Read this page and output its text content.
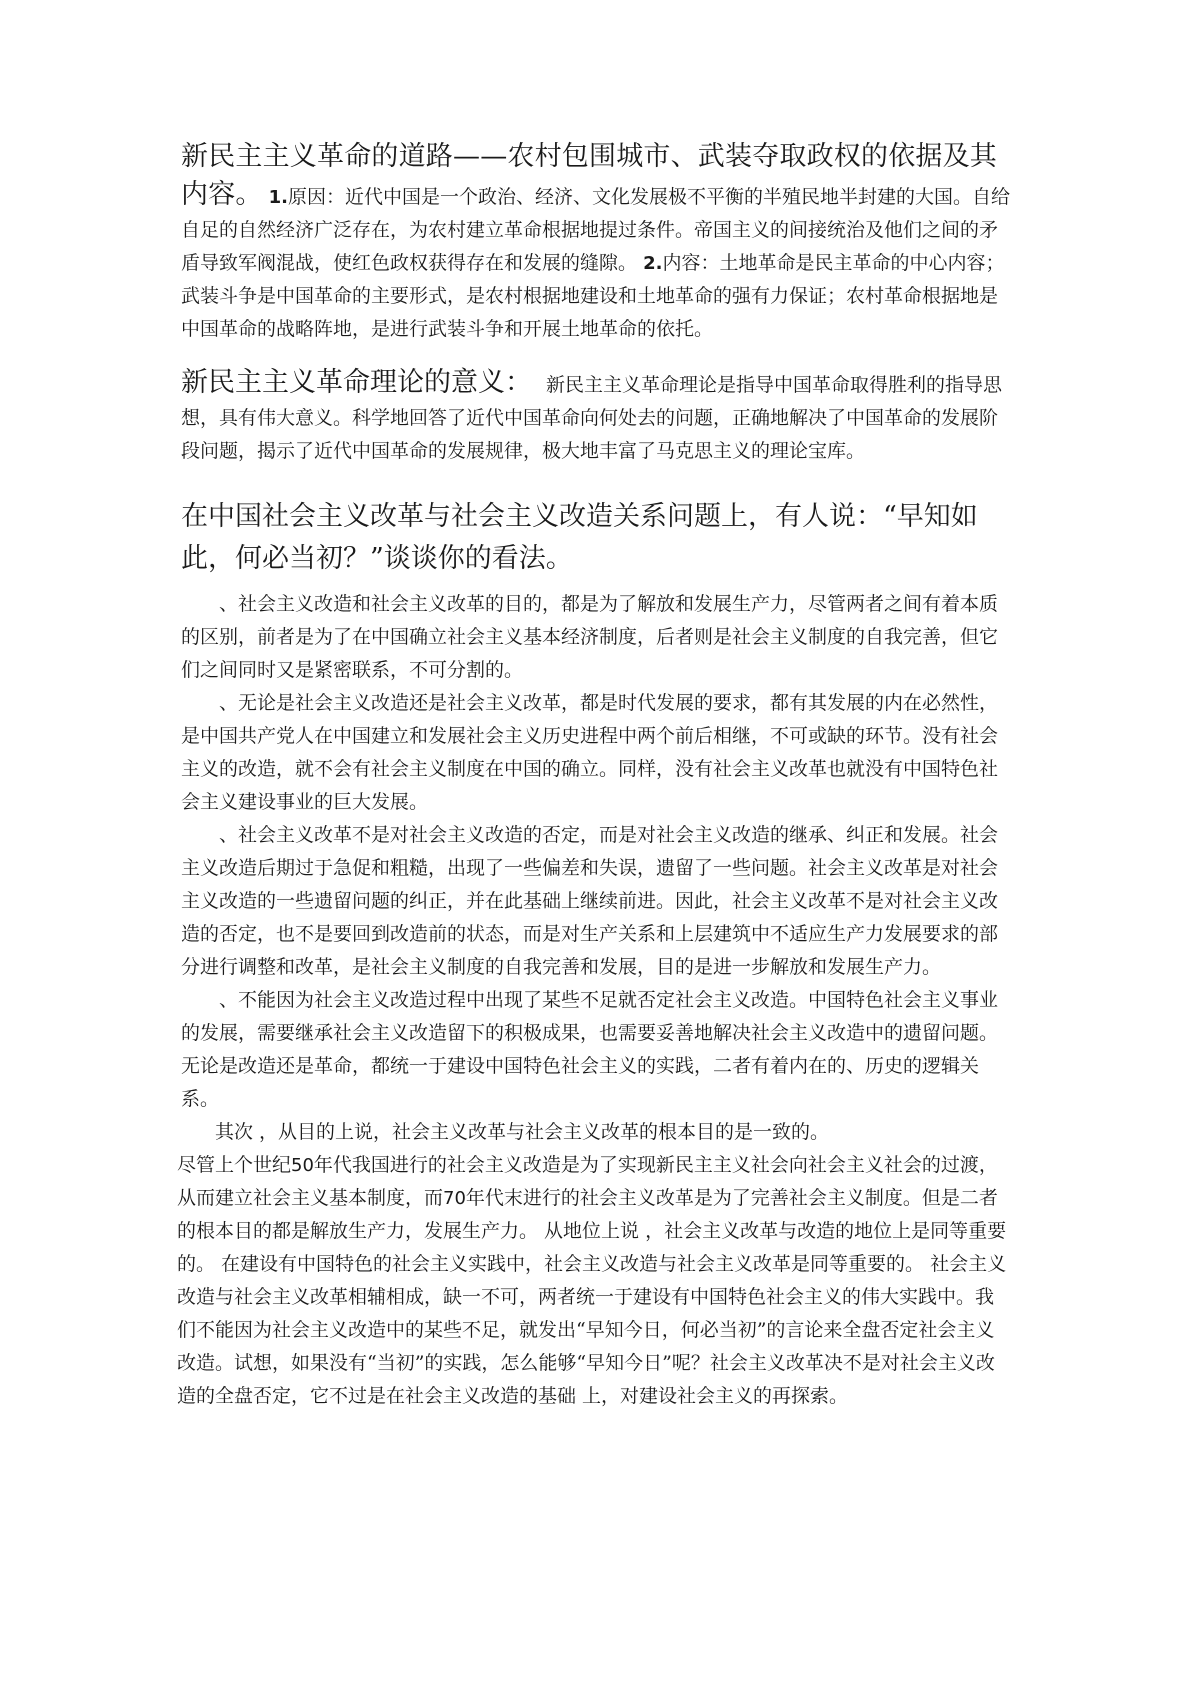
新民主主义革命的道路——农村包围城市、武装夺取政权的依据及其内容。 1.原因：近代中国是一个政治、经济、文化发展极不平衡的半殖民地半封建的大国。自给自足的自然经济广泛存在，为农村建立革命根据地提过条件。帝国主义的间接统治及他们之间的矛盾导致军阀混战，使红色政权获得存在和发展的缝隙。 2.内容：土地革命是民主革命的中心内容；武装斗争是中国革命的主要形式，是农村根据地建设和土地革命的强有力保证；农村革命根据地是中国革命的战略阵地，是进行武装斗争和开展土地革命的依托。
新民主主义革命理论的意义： 新民主主义革命理论是指导中国革命取得胜利的指导思想，具有伟大意义。科学地回答了近代中国革命向何处去的问题，正确地解决了中国革命的发展阶段问题，揭示了近代中国革命的发展规律，极大地丰富了马克思主义的理论宝库。
在中国社会主义改革与社会主义改造关系问题上，有人说：“早知如此，何必当初？”谈谈你的看法。

、社会主义改造和社会主义改革的目的，都是为了解放和发展生产力，尽管两者之间有着本质的区别，前者是为了在中国确立社会主义基本经济制度，后者则是社会主义制度的自我完善，但它们之间同时又是紧密联系，不可分割的。

、无论是社会主义改造还是社会主义改革，都是时代发展的要求，都有其发展的内在必然性，是中国共产党人在中国建立和发展社会主义历史进程中两个前后相继，不可或缺的环节。没有社会主义的改造，就不会有社会主义制度在中国的确立。同样，没有社会主义改革也就没有中国特色社会主义建设事业的巨大发展。

、社会主义改革不是对社会主义改造的否定，而是对社会主义改造的继承、纠正和发展。社会主义改造后期过于急促和粗糙，出现了一些偏差和失误，遗留了一些问题。社会主义改革是对社会主义改造的一些遗留问题的纠正，并在此基础上继续前进。因此，社会主义改革不是对社会主义改造的否定，也不是要回到改造前的状态，而是对生产关系和上层建筑中不适应生产力发展要求的部分进行调整和改革，是社会主义制度的自我完善和发展，目的是进一步解放和发展生产力。

、不能因为社会主义改造过程中出现了某些不足就否定社会主义改造。中国特色社会主义事业的发展，需要继承社会主义改造留下的积极成果，也需要妥善地解决社会主义改造中的遗留问题。无论是改造还是革命，都统一于建设中国特色社会主义的实践，二者有着内在的、历史的逻辑关系。

其次 ，从目的上说，社会主义改革与社会主义改革的根本目的是一致的。

尽管上个世纪50年代我国进行的社会主义改造是为了实现新民主主义社会向社会主义社会的过渡，从而建立社会主义基本制度，而70年代末进行的社会主义改革是为了完善社会主义制度。但是二者的根本目的都是解放生产力，发展生产力。 从地位上说 ，社会主义改革与改造的地位上是同等重要的。 在建设有中国特色的社会主义实践中，社会主义改造与社会主义改革是同等重要的。 社会主义改造与社会主义改革相辅相成，缺一不可，两者统一于建设有中国特色社会主义的伟大实践中。我们不能因为社会主义改造中的某些不足，就发出“早知今日，何必当初”的言论来全盘否定社会主义改造。试想，如果没有“当初”的实践，怎么能够“早知今日”呢？社会主义改革决不是对社会主义改造的全盘否定，它不过是在社会主义改造的基础 上，对建设社会主义的再探索。
